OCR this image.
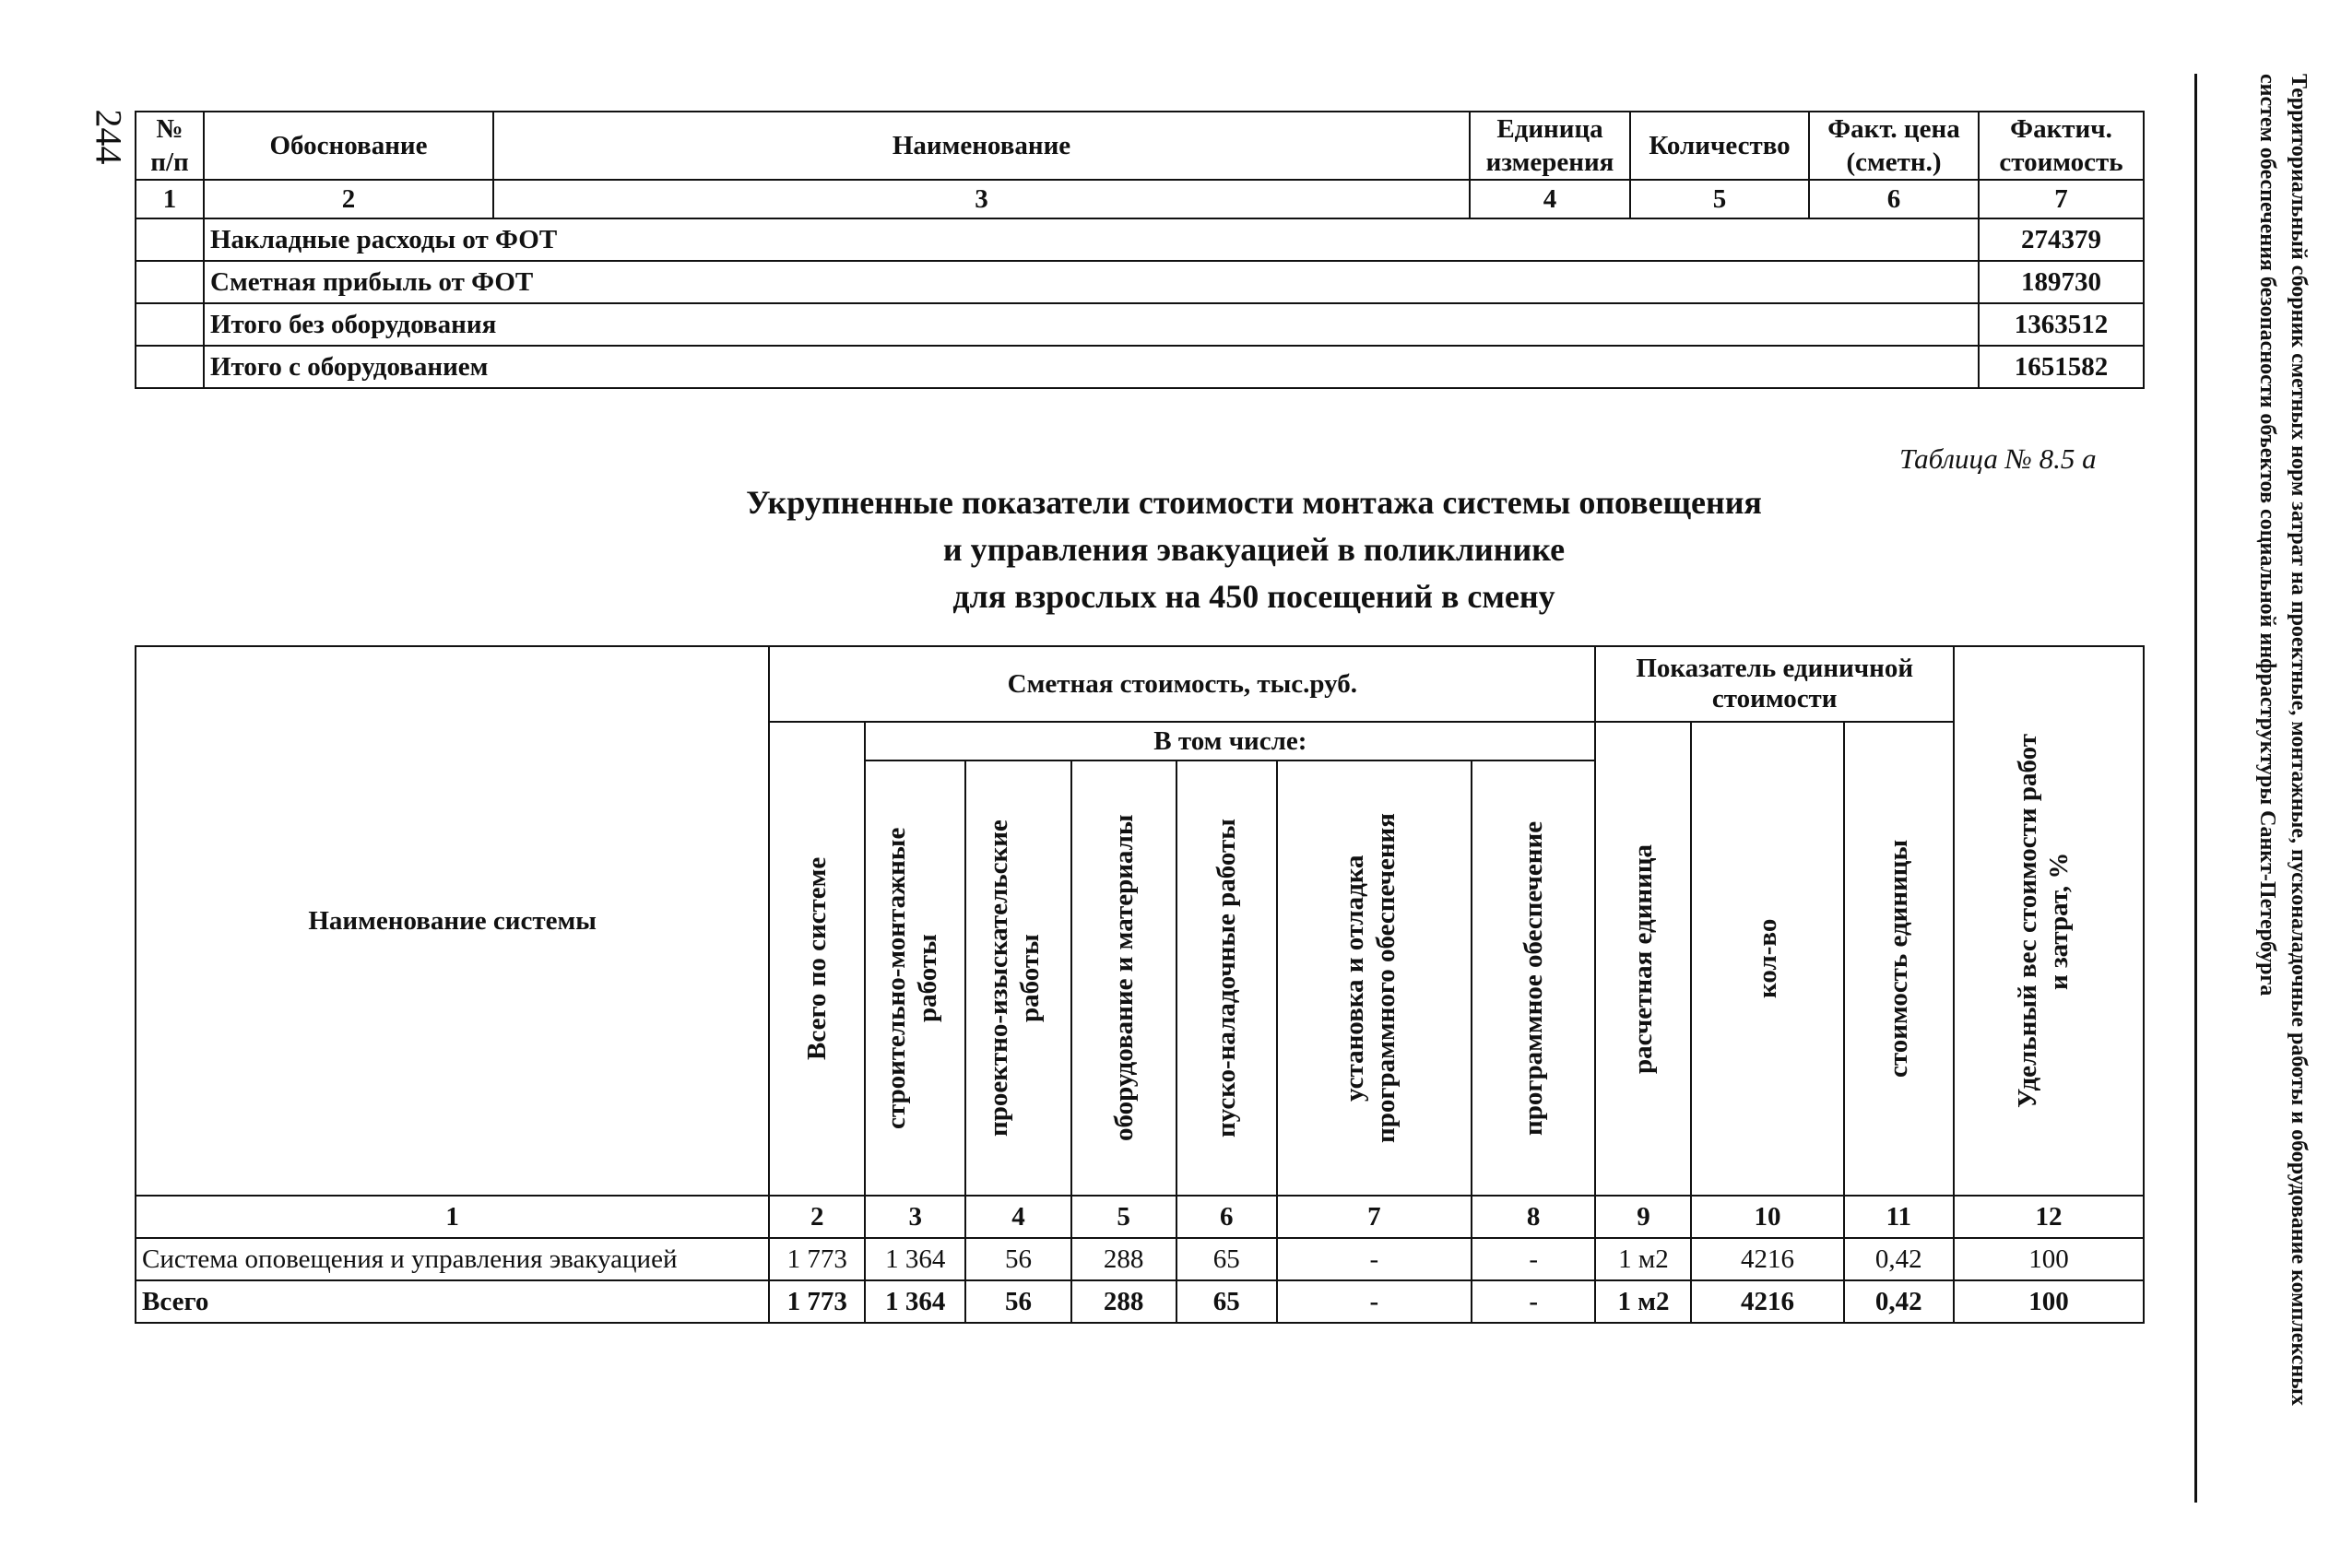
244	Территориальный сборник сметных норм затрат на проектные, монтажные, пусконаладочные работы и оборудование комплексных систем обеспечения безопасности объектов социальной инфраструктуры Санкт-Петербурга
№ п/п	Обоснование	Наименование	Единица измерения	Количество	Факт. цена (сметн.)	Фактич. стоимость
1	2	3	4	5	6	7
	Накладные расходы от ФОТ					274379
	Сметная прибыль от ФОТ					189730
	Итого без оборудования					1363512
	Итого с оборудованием					1651582
Таблица № 8.5 а
Укрупненные показатели стоимости монтажа системы оповещения
и управления эвакуацией в поликлинике
для взрослых на 450 посещений в смену
Наименование системы	Сметная стоимость, тыс.руб.							Показатель единичной стоимости			Удельный вес стоимости работ и затрат, %

	Всего по системе	В том числе:						расчетная единица	кол-во	стоимость единицы	

		строительно-монтажные работы	проектно-изыскательские работы	оборудование и материалы	пуско-наладочные работы	установка и отладка программного обеспечения	программное обеспечение				

1	2	3	4	5	6	7	8	9	10	11	12
Система оповещения и управления эвакуацией	1 773	1 364	56	288	65	-	-	1 м2	4216	0,42	100
Всего	1 773	1 364	56	288	65	-	-	1 м2	4216	0,42	100
